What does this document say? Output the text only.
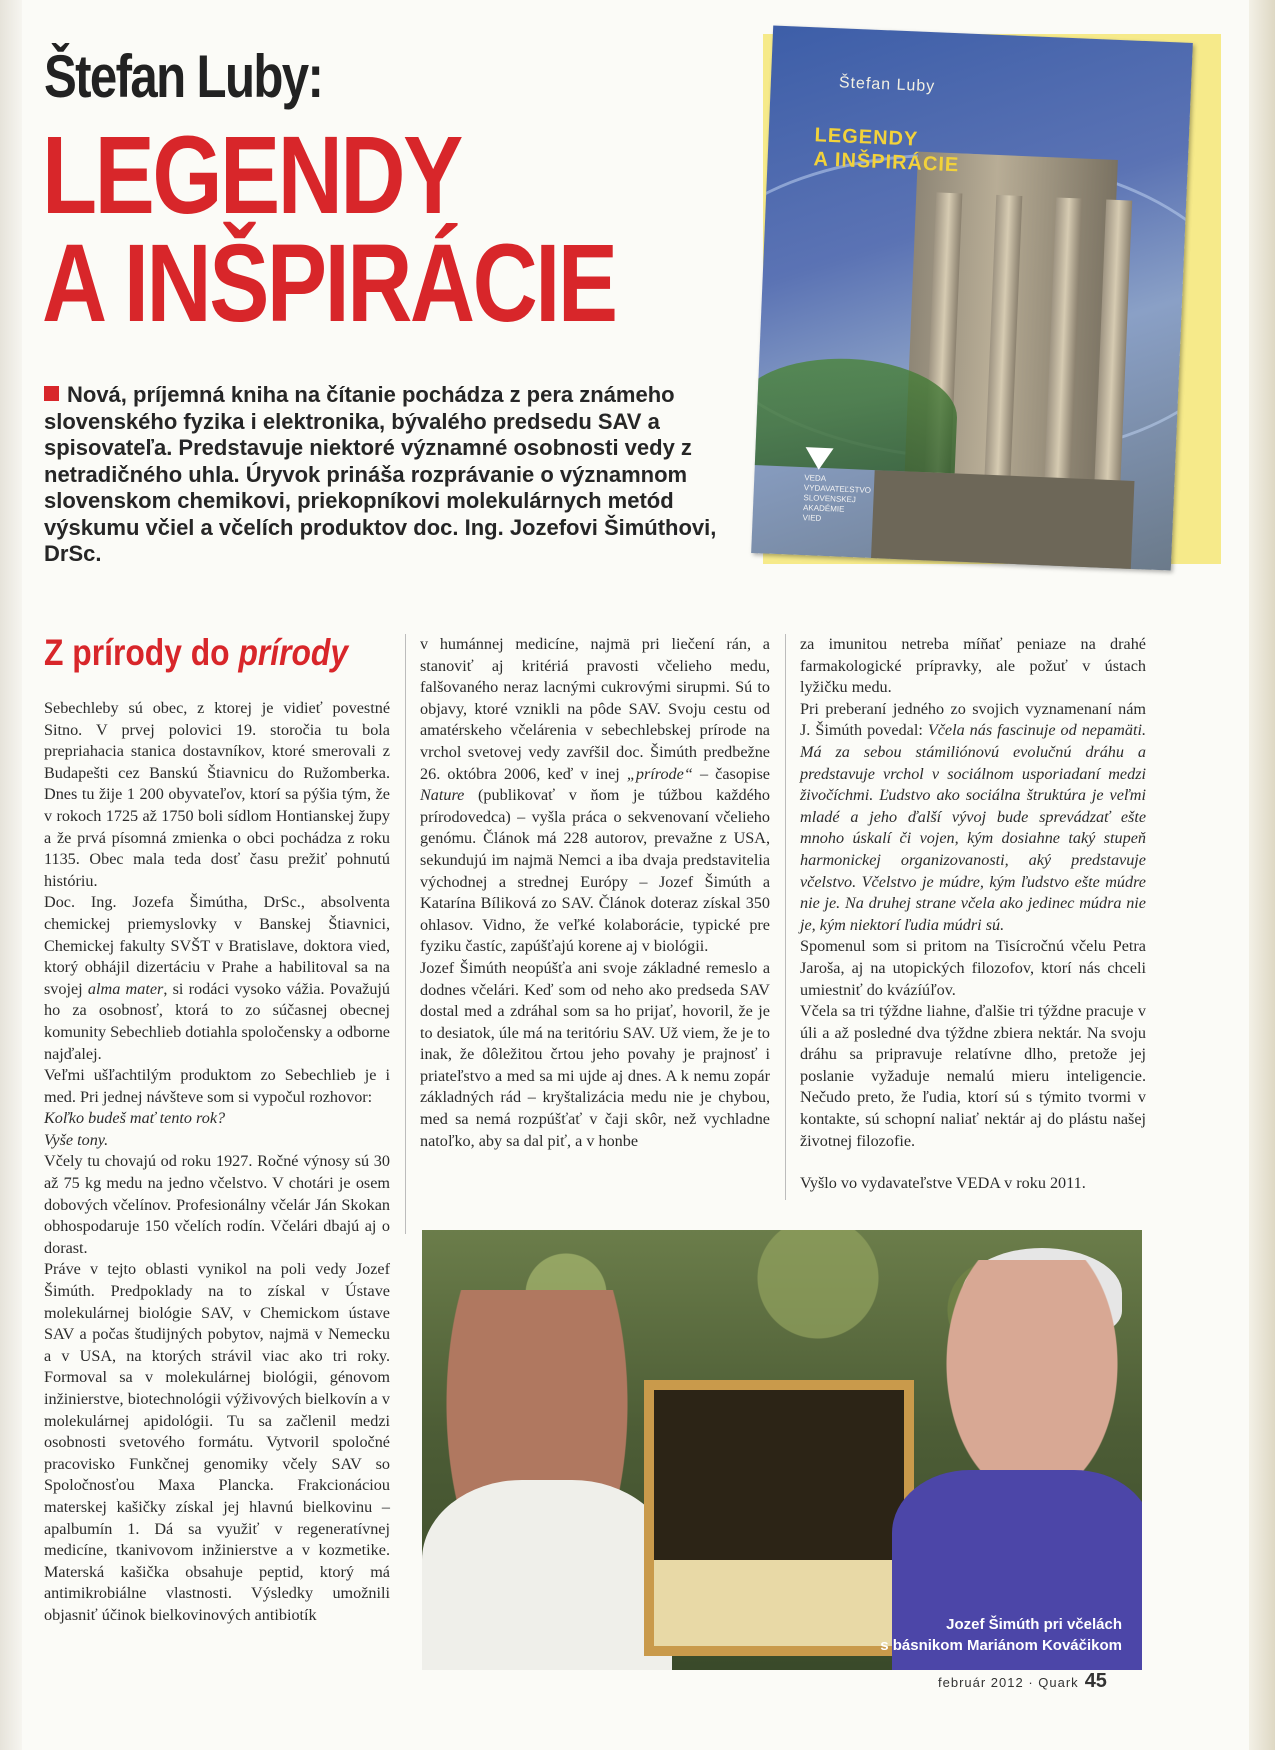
Štefan Luby:
LEGENDY
A INŠPIRÁCIE
Štefan Luby
LEGENDY
A INŠPIRÁCIE
VEDA
VYDAVATEĽSTVO
SLOVENSKEJ
AKADÉMIE
VIED
Nová, príjemná kniha na čítanie pochádza z pera známeho slovenského fyzika i elektronika, bývalého predsedu SAV a spisovateľa. Predstavuje niektoré významné osobnosti vedy z netradičného uhla. Úryvok prináša rozprávanie o významnom slovenskom chemikovi, priekopníkovi molekulárnych metód výskumu včiel a včelích produktov doc. Ing. Jozefovi Šimúthovi, DrSc.
Z prírody do prírody

Sebechleby sú obec, z ktorej je vidieť povestné Sitno. V prvej polovici 19. storočia tu bola prepriahacia stanica dostavníkov, ktoré smerovali z Budapešti cez Banskú Štiavnicu do Ružomberka. Dnes tu žije 1 200 obyvateľov, ktorí sa pýšia tým, že v rokoch 1725 až 1750 boli sídlom Hontianskej župy a že prvá písomná zmienka o obci pochádza z roku 1135. Obec mala teda dosť času prežiť pohnutú históriu.

Doc. Ing. Jozefa Šimútha, DrSc., absolventa chemickej priemyslovky v Banskej Štiavnici, Chemickej fakulty SVŠT v Bratislave, doktora vied, ktorý obhájil dizertáciu v Prahe a habilitoval sa na svojej alma mater, si rodáci vysoko vážia. Považujú ho za osobnosť, ktorá to zo súčasnej obecnej komunity Sebechlieb dotiahla spoločensky a odborne najďalej.

Veľmi ušľachtilým produktom zo Sebechlieb je i med. Pri jednej návšteve som si vypočul rozhovor:

Koľko budeš mať tento rok?

Vyše tony.

Včely tu chovajú od roku 1927. Ročné výnosy sú 30 až 75 kg medu na jedno včelstvo. V chotári je osem dobových včelínov. Profesionálny včelár Ján Skokan obhospodaruje 150 včelích rodín. Včelári dbajú aj o dorast.

Práve v tejto oblasti vynikol na poli vedy Jozef Šimúth. Predpoklady na to získal v Ústave molekulárnej biológie SAV, v Chemickom ústave SAV a počas študijných pobytov, najmä v Nemecku a v USA, na ktorých strávil viac ako tri roky. Formoval sa v molekulárnej biológii, génovom inžinierstve, biotechnológii výživových bielkovín a v molekulárnej apidológii. Tu sa začlenil medzi osobnosti svetového formátu. Vytvoril spoločné pracovisko Funkčnej genomiky včely SAV so Spoločnosťou Maxa Plancka. Frakcionáciou materskej kašičky získal jej hlavnú bielkovinu – apalbumín 1. Dá sa využiť v regeneratívnej medicíne, tkanivovom inžinierstve a v kozmetike. Materská kašička obsahuje peptid, ktorý má antimikrobiálne vlastnosti. Výsledky umožnili objasniť účinok bielkovinových antibiotík

v humánnej medicíne, najmä pri liečení rán, a stanoviť aj kritériá pravosti včelieho medu, falšovaného neraz lacnými cukrovými sirupmi. Sú to objavy, ktoré vznikli na pôde SAV. Svoju cestu od amatérskeho včelárenia v sebechlebskej prírode na vrchol svetovej vedy zavŕšil doc. Šimúth predbežne 26. októbra 2006, keď v inej „prírode“ – časopise Nature (publikovať v ňom je túžbou každého prírodovedca) – vyšla práca o sekvenovaní včelieho genómu. Článok má 228 autorov, prevažne z USA, sekundujú im najmä Nemci a iba dvaja predstavitelia východnej a strednej Európy – Jozef Šimúth a Katarína Bíliková zo SAV. Článok doteraz získal 350 ohlasov. Vidno, že veľké kolaborácie, typické pre fyziku častíc, zapúšťajú korene aj v biológii.

Jozef Šimúth neopúšťa ani svoje základné remeslo a dodnes včelári. Keď som od neho ako predseda SAV dostal med a zdráhal som sa ho prijať, hovoril, že je to desiatok, úle má na teritóriu SAV. Už viem, že je to inak, že dôležitou črtou jeho povahy je prajnosť i priateľstvo a med sa mi ujde aj dnes. A k nemu zopár základných rád – kryštalizácia medu nie je chybou, med sa nemá rozpúšťať v čaji skôr, než vychladne natoľko, aby sa dal piť, a v honbe

za imunitou netreba míňať peniaze na drahé farmakologické prípravky, ale požuť v ústach lyžičku medu.

Pri preberaní jedného zo svojich vyznamenaní nám J. Šimúth povedal: Včela nás fascinuje od nepamäti. Má za sebou stámiliónovú evolučnú dráhu a predstavuje vrchol v sociálnom usporiadaní medzi živočíchmi. Ľudstvo ako sociálna štruktúra je veľmi mladé a jeho ďalší vývoj bude sprevádzať ešte mnoho úskalí či vojen, kým dosiahne taký stupeň harmonickej organizovanosti, aký predstavuje včelstvo. Včelstvo je múdre, kým ľudstvo ešte múdre nie je. Na druhej strane včela ako jedinec múdra nie je, kým niektorí ľudia múdri sú.

Spomenul som si pritom na Tisícročnú včelu Petra Jaroša, aj na utopických filozofov, ktorí nás chceli umiestniť do kvázíúľov.

Včela sa tri týždne liahne, ďalšie tri týždne pracuje v úli a až posledné dva týždne zbiera nektár. Na svoju dráhu sa pripravuje relatívne dlho, pretože jej poslanie vyžaduje nemalú mieru inteligencie. Nečudo preto, že ľudia, ktorí sú s týmito tvormi v kontakte, sú schopní naliať nektár aj do plástu našej životnej filozofie.

Vyšlo vo vydavateľstve VEDA v roku 2011.

Jozef Šimúth pri včelách
s básnikom Mariánom Kováčikom
február 2012 · Quark 45
